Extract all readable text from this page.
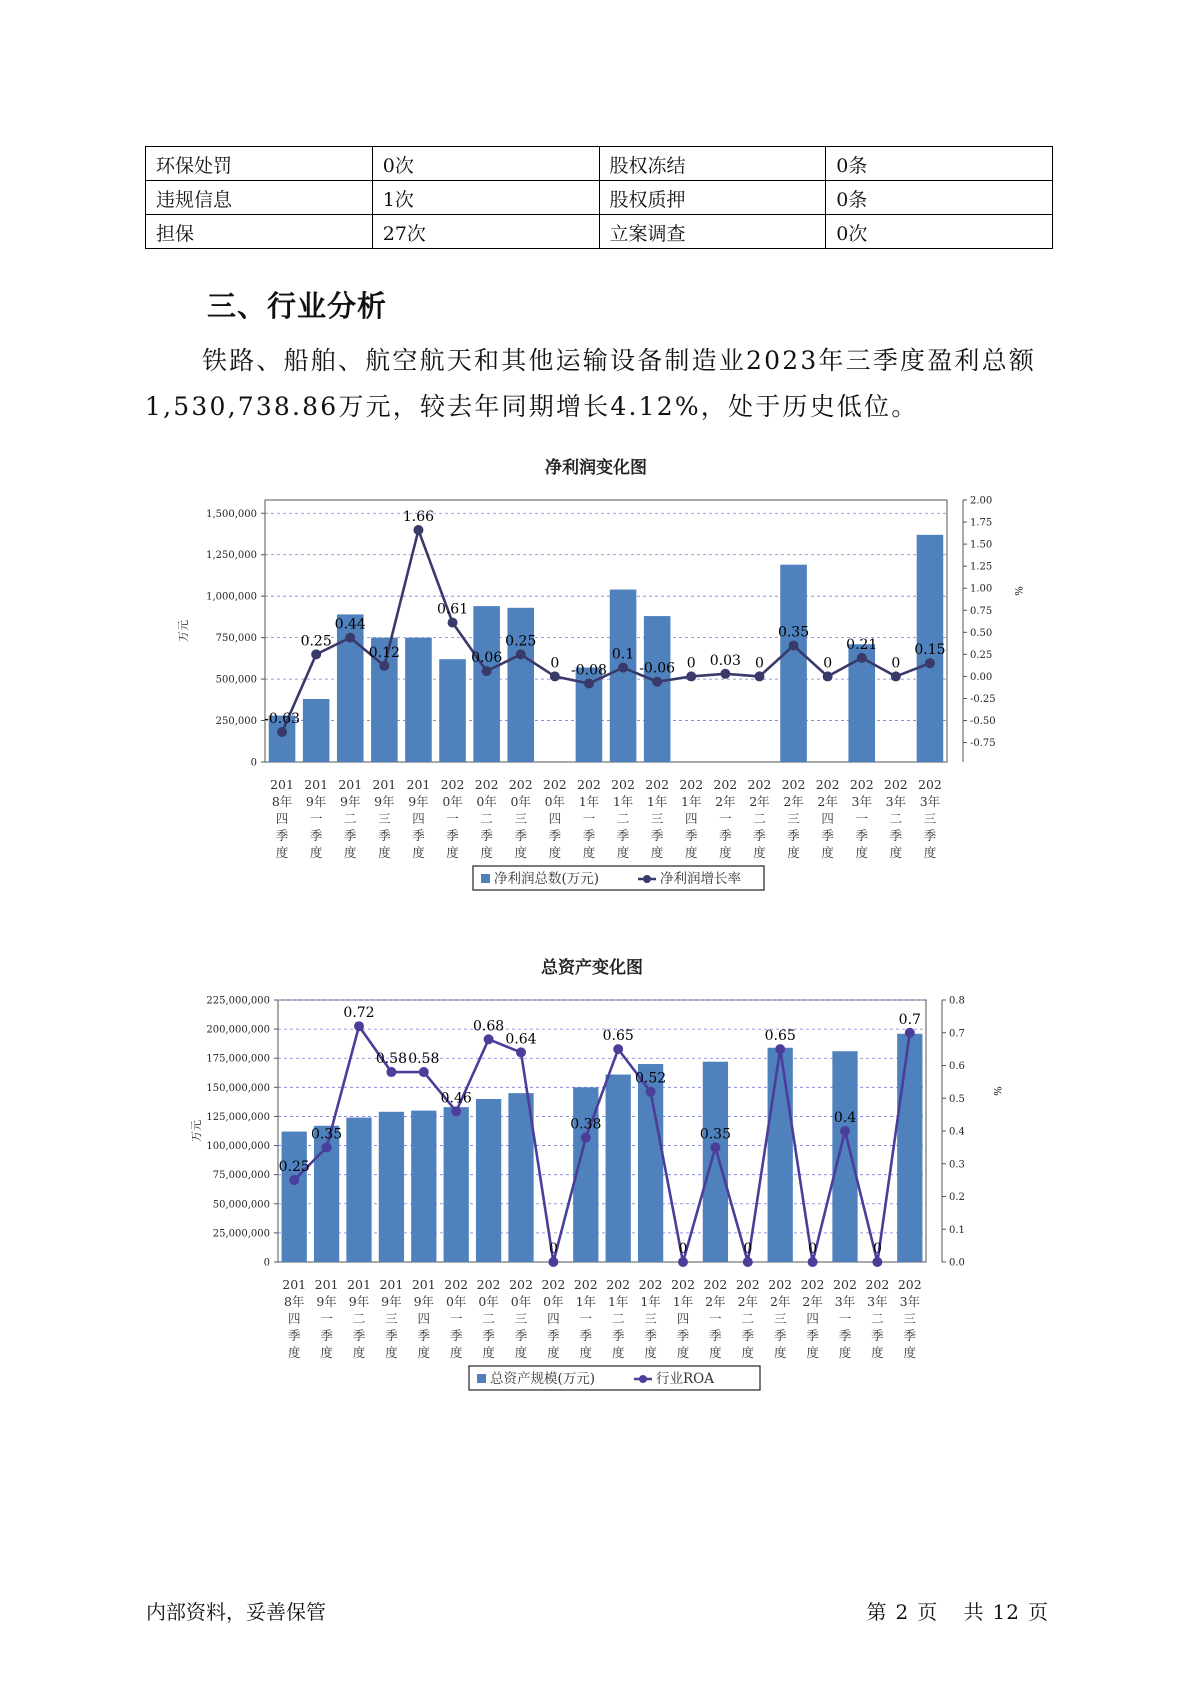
环保处罚	0次	股权冻结	0条
违规信息	1次	股权质押	0条
担保	27次	立案调查	0次
三、行业分析

铁路、船舶、航空航天和其他运输设备制造业2023年三季度盈利总额1,530,738.86万元，较去年同期增长4.12%，处于历史低位。

净利润变化图
0
250,000
500,000
750,000
1,000,000
1,250,000
1,500,000
万元
-0.75
-0.50
-0.25
0.00
0.25
0.50
0.75
1.00
1.25
1.50
1.75
2.00
%
-0.63
0.25
0.44
0.12
1.66
0.61
0.06
0.25
0 -0.08
0.1
-0.06 0 0.03 0
0.35
0
0.21
0
0.15
201
8年
四
季
度
201
9年
一
季
度
201
9年
二
季
度
201
9年
三
季
度
201
9年
四
季
度
202
0年
一
季
度
202
0年
二
季
度
202
0年
三
季
度
202
0年
四
季
度
202
1年
一
季
度
202
1年
二
季
度
202
1年
三
季
度
202
1年
四
季
度
202
2年
一
季
度
202
2年
二
季
度
202
2年
三
季
度
202
2年
四
季
度
202
3年
一
季
度
202
3年
二
季
度
202
3年
三
季
度
净利润总数(万元)	净利润增长率
总资产变化图
0
25,000,000
50,000,000
75,000,000
100,000,000
125,000,000
150,000,000
175,000,000
200,000,000
225,000,000
万元
0.0
0.1
0.2
0.3
0.4
0.5
0.6
0.7
0.8
%
0.25
0.35
0.72
0.58 0.58
0.46
0.68
0.64
0
0.38
0.65
0.52
0
0.35
0
0.65
0
0.4
0
0.7
201
8年
四
季
度
201
9年
一
季
度
201
9年
二
季
度
201
9年
三
季
度
201
9年
四
季
度
202
0年
一
季
度
202
0年
二
季
度
202
0年
三
季
度
202
0年
四
季
度
202
1年
一
季
度
202
1年
二
季
度
202
1年
三
季
度
202
1年
四
季
度
202
2年
一
季
度
202
2年
二
季
度
202
2年
三
季
度
202
2年
四
季
度
202
3年
一
季
度
202
3年
二
季
度
202
3年
三
季
度
总资产规模(万元)	行业ROA
内部资料，妥善保管	第 2 页 共 12 页
